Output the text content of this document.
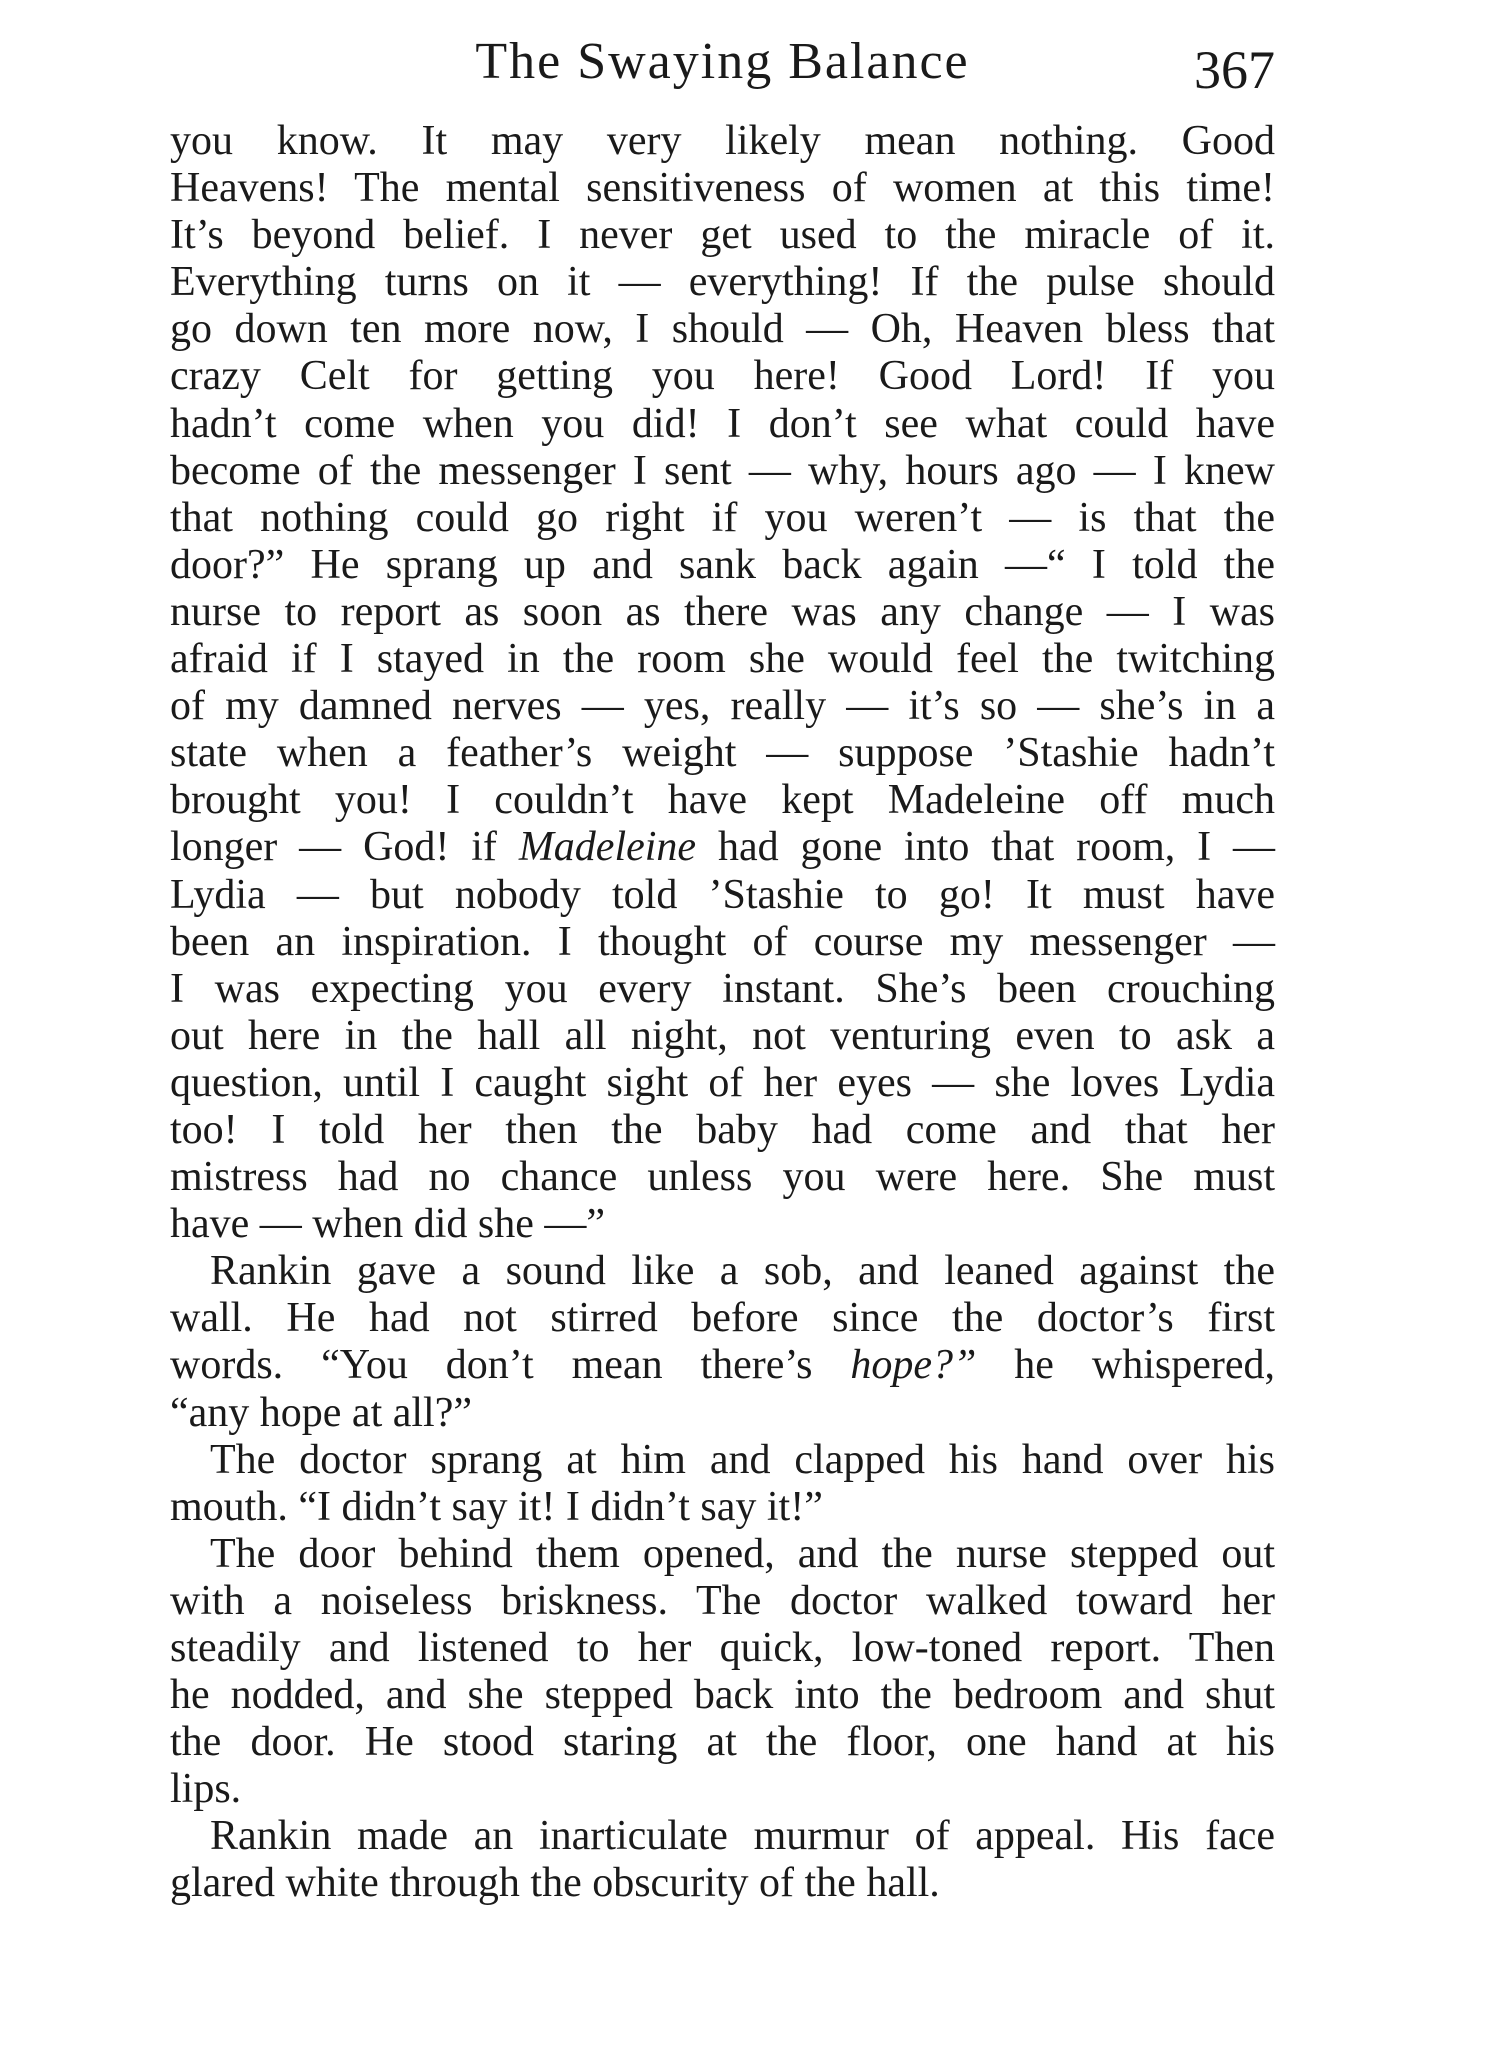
The Swaying Balance	367
you know. It may very likely mean nothing. Good
Heavens! The mental sensitiveness of women at this time!
It’s beyond belief. I never get used to the miracle of it.
Everything turns on it — everything! If the pulse should
go down ten more now, I should — Oh, Heaven bless that
crazy Celt for getting you here! Good Lord! If you
hadn’t come when you did! I don’t see what could have
become of the messenger I sent — why, hours ago — I knew
that nothing could go right if you weren’t — is that the
door?” He sprang up and sank back again —“ I told the
nurse to report as soon as there was any change — I was
afraid if I stayed in the room she would feel the twitching
of my damned nerves — yes, really — it’s so — she’s in a
state when a feather’s weight — suppose ’Stashie hadn’t
brought you! I couldn’t have kept Madeleine off much
longer — God! if Madeleine had gone into that room, I —
Lydia — but nobody told ’Stashie to go! It must have
been an inspiration. I thought of course my messenger —
I was expecting you every instant. She’s been crouching
out here in the hall all night, not venturing even to ask a
question, until I caught sight of her eyes — she loves Lydia
too! I told her then the baby had come and that her
mistress had no chance unless you were here. She must
have — when did she —”
Rankin gave a sound like a sob, and leaned against the
wall. He had not stirred before since the doctor’s first
words. “You don’t mean there’s hope?” he whispered,
“any hope at all?”
The doctor sprang at him and clapped his hand over his
mouth. “I didn’t say it! I didn’t say it!”
The door behind them opened, and the nurse stepped out
with a noiseless briskness. The doctor walked toward her
steadily and listened to her quick, low-toned report. Then
he nodded, and she stepped back into the bedroom and shut
the door. He stood staring at the floor, one hand at his
lips.
Rankin made an inarticulate murmur of appeal. His face
glared white through the obscurity of the hall.
